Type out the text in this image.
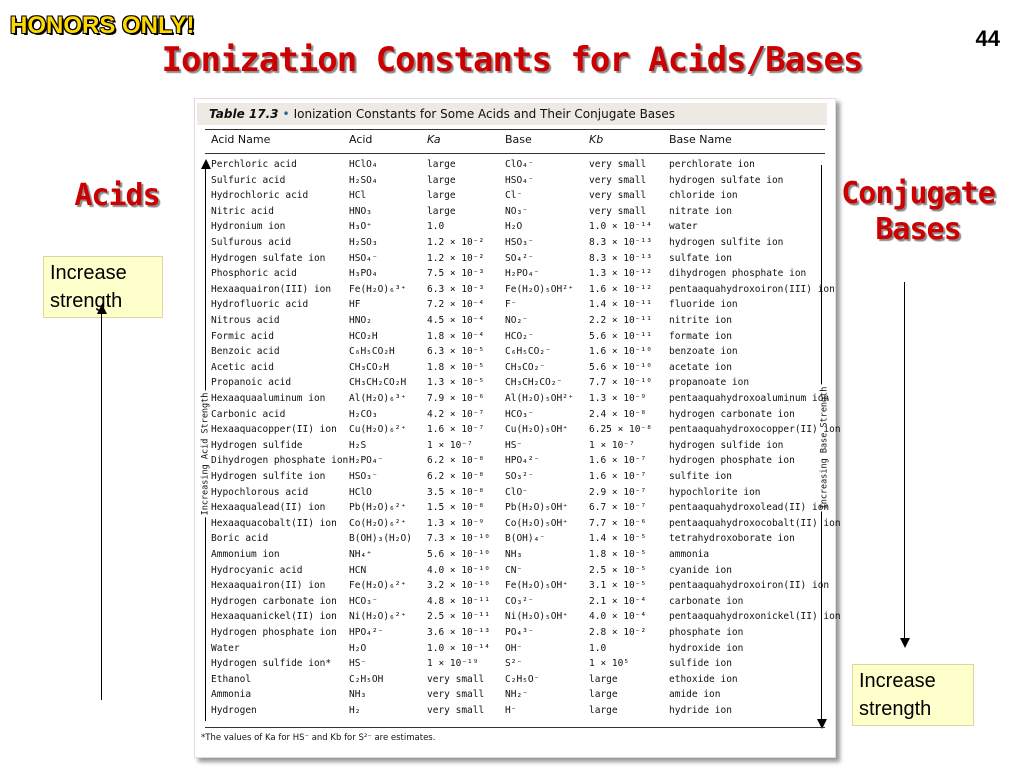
HONORS ONLY!	44
Ionization Constants for Acids/Bases
Acids
Increase
strength
Conjugate
Bases
Increase
strength
Table 17.3 • Ionization Constants for Some Acids and Their Conjugate Bases
Acid Name	Acid	Ka	Base	Kb	Base Name
Increasing Acid Strength	Increasing Base Strength
Perchloric acid	HClO₄	large	ClO₄⁻	very small perchlorate ion
Sulfuric acid	H₂SO₄	large	HSO₄⁻	very small hydrogen sulfate ion
Hydrochloric acid	HCl	large	Cl⁻	very small chloride ion
Nitric acid	HNO₃	large	NO₃⁻	very small nitrate ion
Hydronium ion	H₃O⁺	1.0	H₂O	1.0 × 10⁻¹⁴ water
Sulfurous acid	H₂SO₃	1.2 × 10⁻² HSO₃⁻	8.3 × 10⁻¹³ hydrogen sulfite ion
Hydrogen sulfate ion HSO₄⁻	1.2 × 10⁻² SO₄²⁻	8.3 × 10⁻¹³ sulfate ion
Phosphoric acid	H₃PO₄	7.5 × 10⁻³ H₂PO₄⁻	1.3 × 10⁻¹² dihydrogen phosphate ion
Hexaaquairon(III) ion Fe(H₂O)₆³⁺ 6.3 × 10⁻³ Fe(H₂O)₅OH²⁺ 1.6 × 10⁻¹² pentaaquahydroxoiron(III) ion
Hydrofluoric acid	HF	7.2 × 10⁻⁴ F⁻	1.4 × 10⁻¹¹ fluoride ion
Nitrous acid	HNO₂	4.5 × 10⁻⁴ NO₂⁻	2.2 × 10⁻¹¹ nitrite ion
Formic acid	HCO₂H	1.8 × 10⁻⁴ HCO₂⁻	5.6 × 10⁻¹¹ formate ion
Benzoic acid	C₆H₅CO₂H	6.3 × 10⁻⁵ C₆H₅CO₂⁻	1.6 × 10⁻¹⁰ benzoate ion
Acetic acid	CH₃CO₂H	1.8 × 10⁻⁵ CH₃CO₂⁻	5.6 × 10⁻¹⁰ acetate ion
Propanoic acid	CH₃CH₂CO₂H 1.3 × 10⁻⁵ CH₃CH₂CO₂⁻	7.7 × 10⁻¹⁰ propanoate ion
Hexaaquaaluminum ion Al(H₂O)₆³⁺ 7.9 × 10⁻⁶ Al(H₂O)₅OH²⁺ 1.3 × 10⁻⁹ pentaaquahydroxoaluminum ion
Carbonic acid	H₂CO₃	4.2 × 10⁻⁷ HCO₃⁻	2.4 × 10⁻⁸ hydrogen carbonate ion
Hexaaquacopper(II) ion Cu(H₂O)₆²⁺ 1.6 × 10⁻⁷ Cu(H₂O)₅OH⁺ 6.25 × 10⁻⁸ pentaaquahydroxocopper(II) ion
Hydrogen sulfide	H₂S	1 × 10⁻⁷	HS⁻	1 × 10⁻⁷	hydrogen sulfide ion
Dihydrogen phosphate ion H₂PO₄⁻	6.2 × 10⁻⁸ HPO₄²⁻	1.6 × 10⁻⁷ hydrogen phosphate ion
Hydrogen sulfite ion HSO₃⁻	6.2 × 10⁻⁸ SO₃²⁻	1.6 × 10⁻⁷ sulfite ion
Hypochlorous acid	HClO	3.5 × 10⁻⁸ ClO⁻	2.9 × 10⁻⁷ hypochlorite ion
Hexaaqualead(II) ion Pb(H₂O)₆²⁺ 1.5 × 10⁻⁸ Pb(H₂O)₅OH⁺ 6.7 × 10⁻⁷ pentaaquahydroxolead(II) ion
Hexaaquacobalt(II) ion Co(H₂O)₆²⁺ 1.3 × 10⁻⁹ Co(H₂O)₅OH⁺ 7.7 × 10⁻⁶ pentaaquahydroxocobalt(II) ion
Boric acid	B(OH)₃(H₂O) 7.3 × 10⁻¹⁰ B(OH)₄⁻	1.4 × 10⁻⁵ tetrahydroxoborate ion
Ammonium ion	NH₄⁺	5.6 × 10⁻¹⁰ NH₃	1.8 × 10⁻⁵ ammonia
Hydrocyanic acid	HCN	4.0 × 10⁻¹⁰ CN⁻	2.5 × 10⁻⁵ cyanide ion
Hexaaquairon(II) ion Fe(H₂O)₆²⁺ 3.2 × 10⁻¹⁰ Fe(H₂O)₅OH⁺ 3.1 × 10⁻⁵ pentaaquahydroxoiron(II) ion
Hydrogen carbonate ion HCO₃⁻	4.8 × 10⁻¹¹ CO₃²⁻	2.1 × 10⁻⁴ carbonate ion
Hexaaquanickel(II) ion Ni(H₂O)₆²⁺ 2.5 × 10⁻¹¹ Ni(H₂O)₅OH⁺ 4.0 × 10⁻⁴ pentaaquahydroxonickel(II) ion
Hydrogen phosphate ion HPO₄²⁻	3.6 × 10⁻¹³ PO₄³⁻	2.8 × 10⁻² phosphate ion
Water	H₂O	1.0 × 10⁻¹⁴ OH⁻	1.0	hydroxide ion
Hydrogen sulfide ion* HS⁻	1 × 10⁻¹⁹	S²⁻	1 × 10⁵	sulfide ion
Ethanol	C₂H₅OH	very small C₂H₅O⁻	large	ethoxide ion
Ammonia	NH₃	very small NH₂⁻	large	amide ion
Hydrogen	H₂	very small H⁻	large	hydride ion
*The values of Ka for HS⁻ and Kb for S²⁻ are estimates.
